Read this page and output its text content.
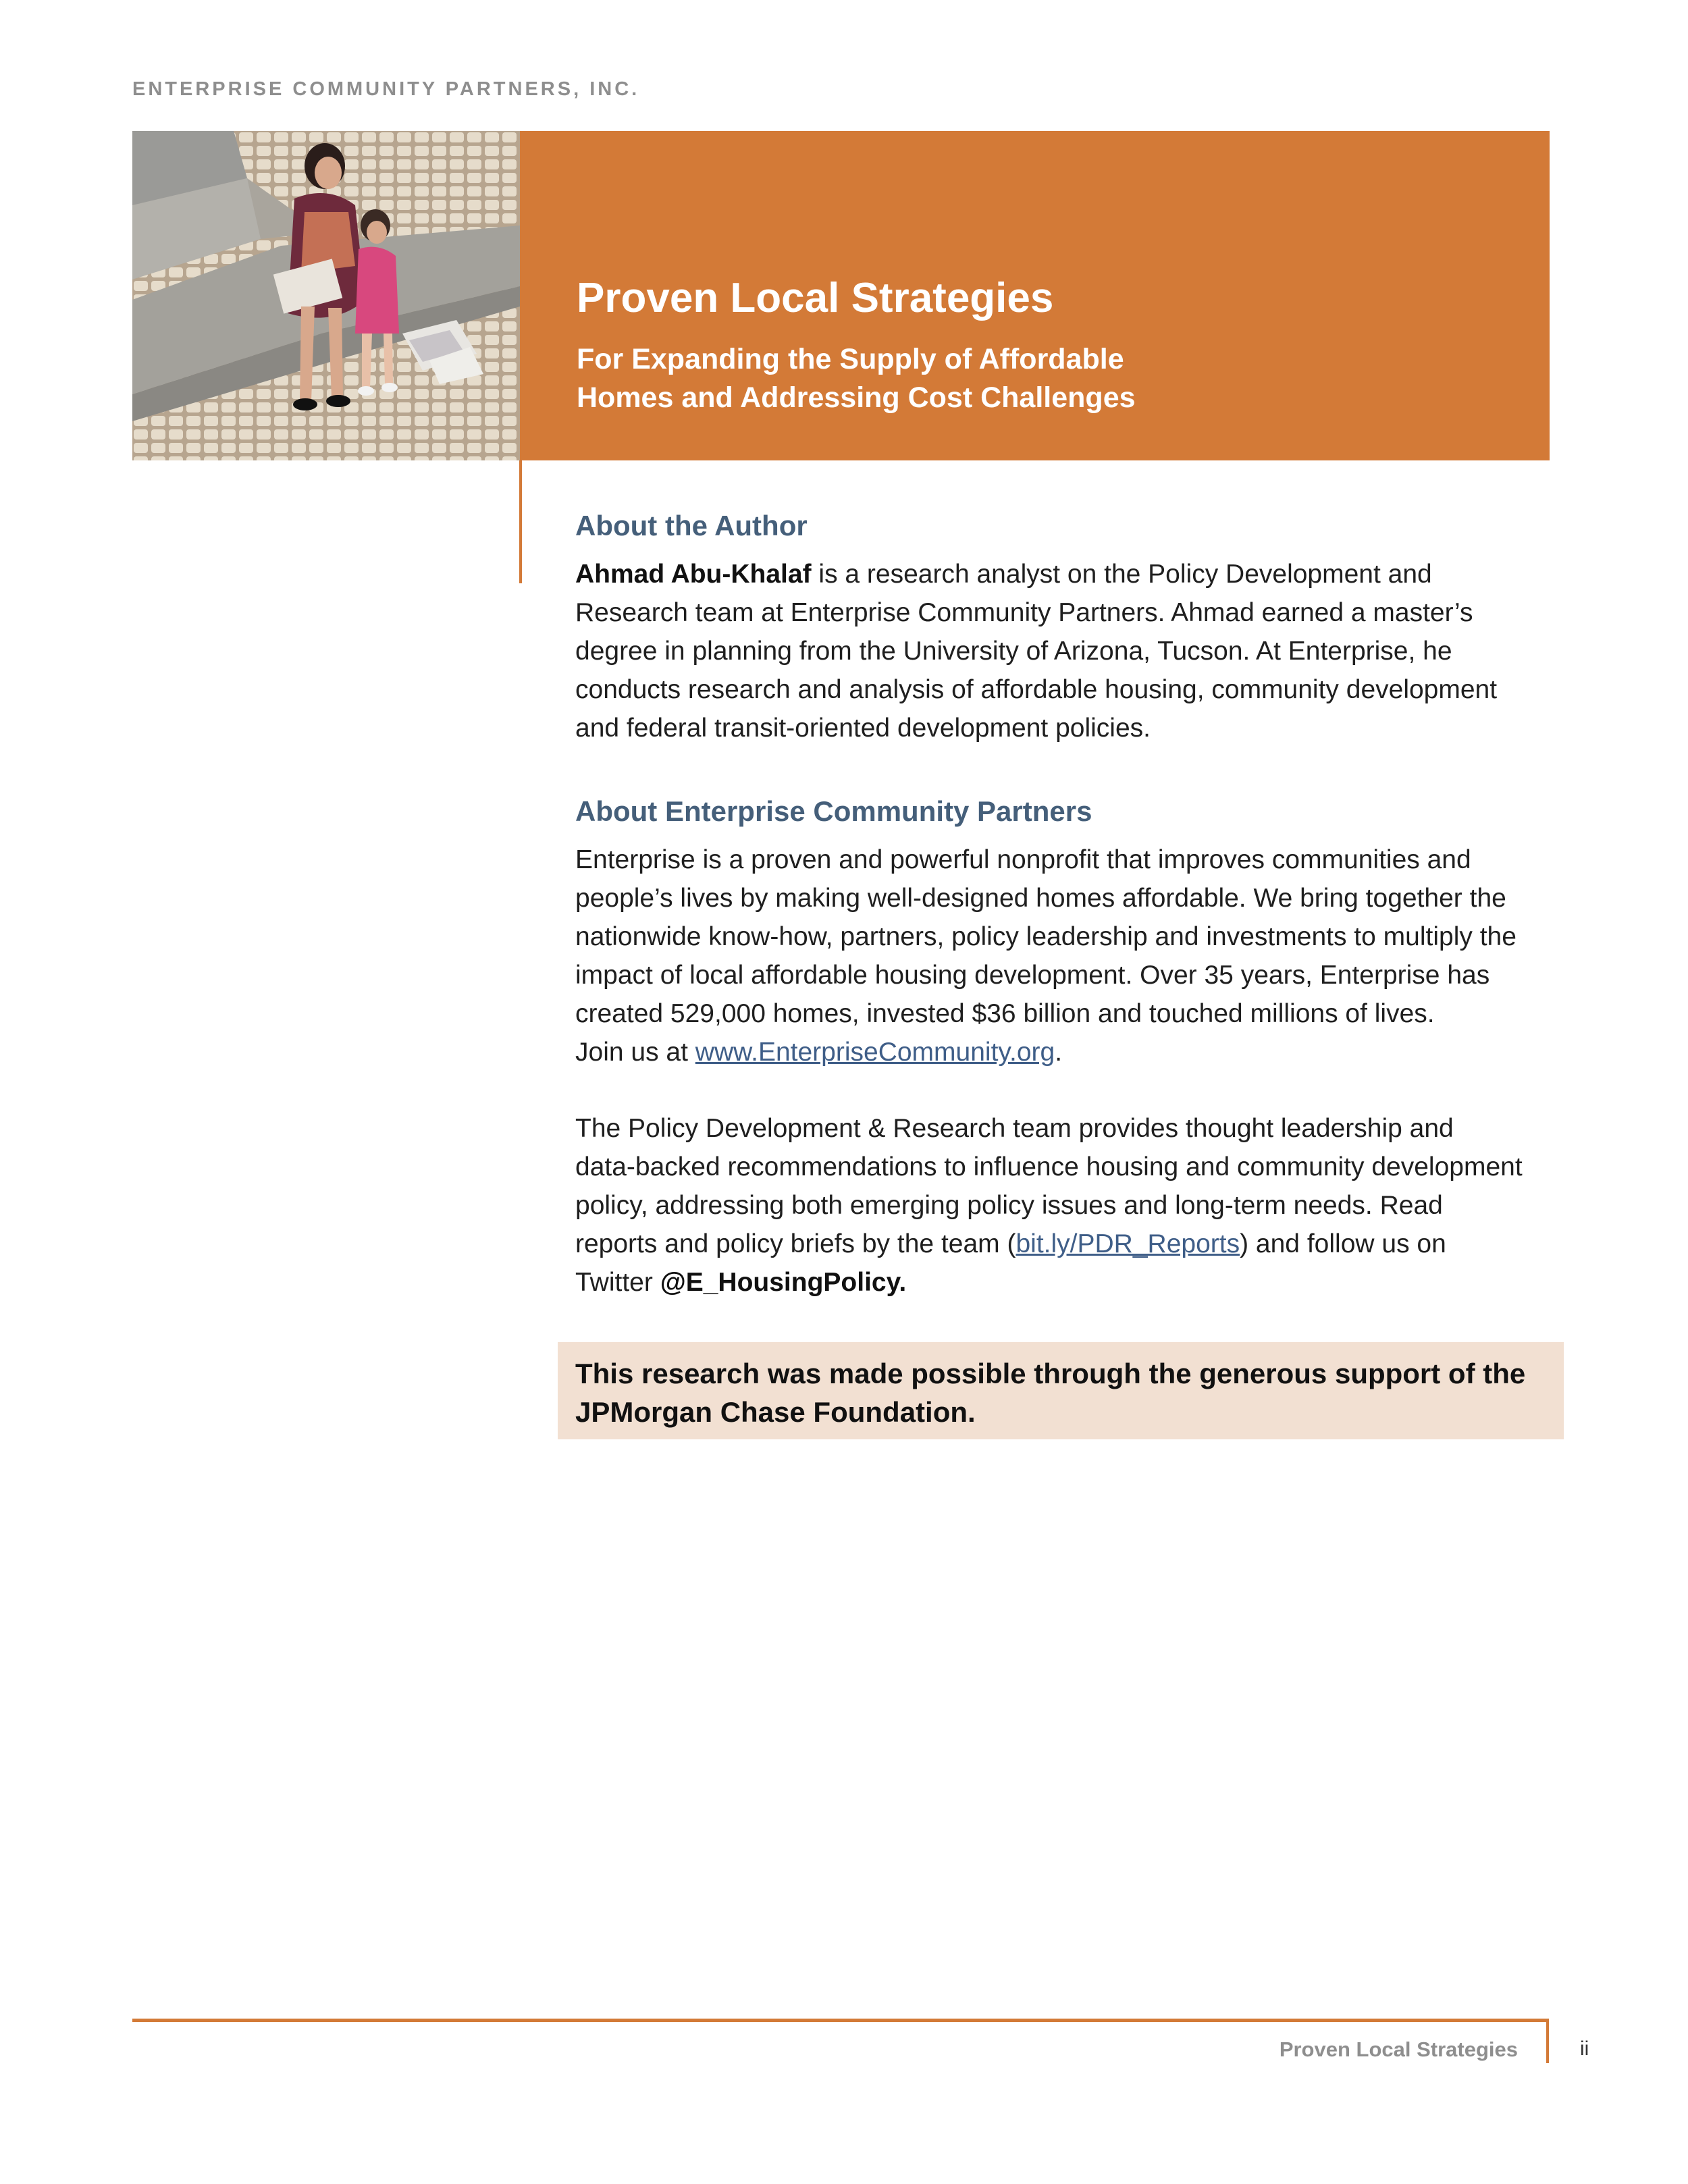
ENTERPRISE COMMUNITY PARTNERS, INC.
Proven Local Strategies
For Expanding the Supply of Affordable
Homes and Addressing Cost Challenges
About the Author

Ahmad Abu-Khalaf is a research analyst on the Policy Development and
Research team at Enterprise Community Partners. Ahmad earned a master’s
degree in planning from the University of Arizona, Tucson. At Enterprise, he
conducts research and analysis of affordable housing, community development
and federal transit-oriented development policies.

About Enterprise Community Partners

Enterprise is a proven and powerful nonprofit that improves communities and
people’s lives by making well-designed homes affordable. We bring together the
nationwide know-how, partners, policy leadership and investments to multiply the
impact of local affordable housing development. Over 35 years, Enterprise has
created 529,000 homes, invested $36 billion and touched millions of lives.
Join us at www.EnterpriseCommunity.org.

The Policy Development & Research team provides thought leadership and
data-backed recommendations to influence housing and community development
policy, addressing both emerging policy issues and long-term needs. Read
reports and policy briefs by the team (bit.ly/PDR_Reports) and follow us on
Twitter @E_HousingPolicy.

This research was made possible through the generous support of the
JPMorgan Chase Foundation.
Proven Local Strategies	ii
